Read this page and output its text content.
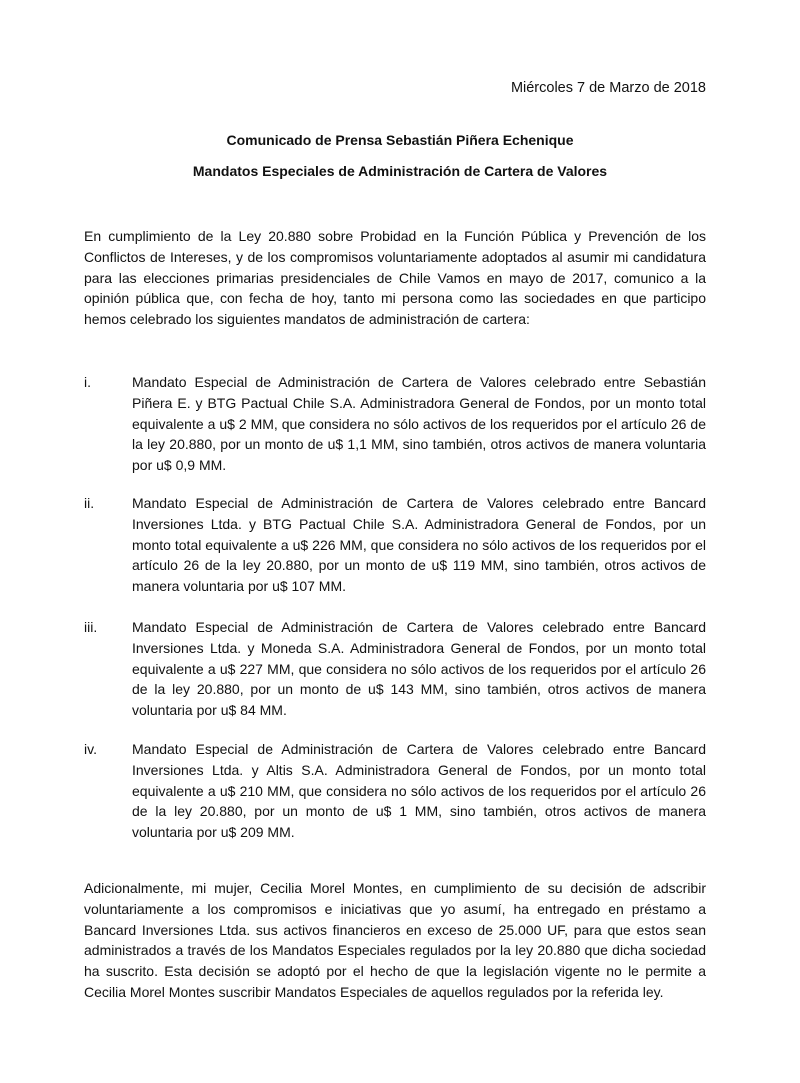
Miércoles 7 de Marzo de 2018
Comunicado de Prensa Sebastián Piñera Echenique
Mandatos Especiales de Administración de Cartera de Valores

En cumplimiento de la Ley 20.880 sobre Probidad en la Función Pública y Prevención de los Conflictos de Intereses, y de los compromisos voluntariamente adoptados al asumir mi candidatura para las elecciones primarias presidenciales de Chile Vamos en mayo de 2017, comunico a la opinión pública que, con fecha de hoy, tanto mi persona como las sociedades en que participo hemos celebrado los siguientes mandatos de administración de cartera:

i.	Mandato Especial de Administración de Cartera de Valores celebrado entre Sebastián Piñera E. y BTG Pactual Chile S.A. Administradora General de Fondos, por un monto total equivalente a u$ 2 MM, que considera no sólo activos de los requeridos por el artículo 26 de la ley 20.880, por un monto de u$ 1,1 MM, sino también, otros activos de manera voluntaria por u$ 0,9 MM.
ii.	Mandato Especial de Administración de Cartera de Valores celebrado entre Bancard Inversiones Ltda. y BTG Pactual Chile S.A. Administradora General de Fondos, por un monto total equivalente a u$ 226 MM, que considera no sólo activos de los requeridos por el artículo 26 de la ley 20.880, por un monto de u$ 119 MM, sino también, otros activos de manera voluntaria por u$ 107 MM.
iii.	Mandato Especial de Administración de Cartera de Valores celebrado entre Bancard Inversiones Ltda. y Moneda S.A. Administradora General de Fondos, por un monto total equivalente a u$ 227 MM, que considera no sólo activos de los requeridos por el artículo 26 de la ley 20.880, por un monto de u$ 143 MM, sino también, otros activos de manera voluntaria por u$ 84 MM.
iv.	Mandato Especial de Administración de Cartera de Valores celebrado entre Bancard Inversiones Ltda. y Altis S.A. Administradora General de Fondos, por un monto total equivalente a u$ 210 MM, que considera no sólo activos de los requeridos por el artículo 26 de la ley 20.880, por un monto de u$ 1 MM, sino también, otros activos de manera voluntaria por u$ 209 MM.

Adicionalmente, mi mujer, Cecilia Morel Montes, en cumplimiento de su decisión de adscribir voluntariamente a los compromisos e iniciativas que yo asumí, ha entregado en préstamo a Bancard Inversiones Ltda. sus activos financieros en exceso de 25.000 UF, para que estos sean administrados a través de los Mandatos Especiales regulados por la ley 20.880 que dicha sociedad ha suscrito. Esta decisión se adoptó por el hecho de que la legislación vigente no le permite a Cecilia Morel Montes suscribir Mandatos Especiales de aquellos regulados por la referida ley.
